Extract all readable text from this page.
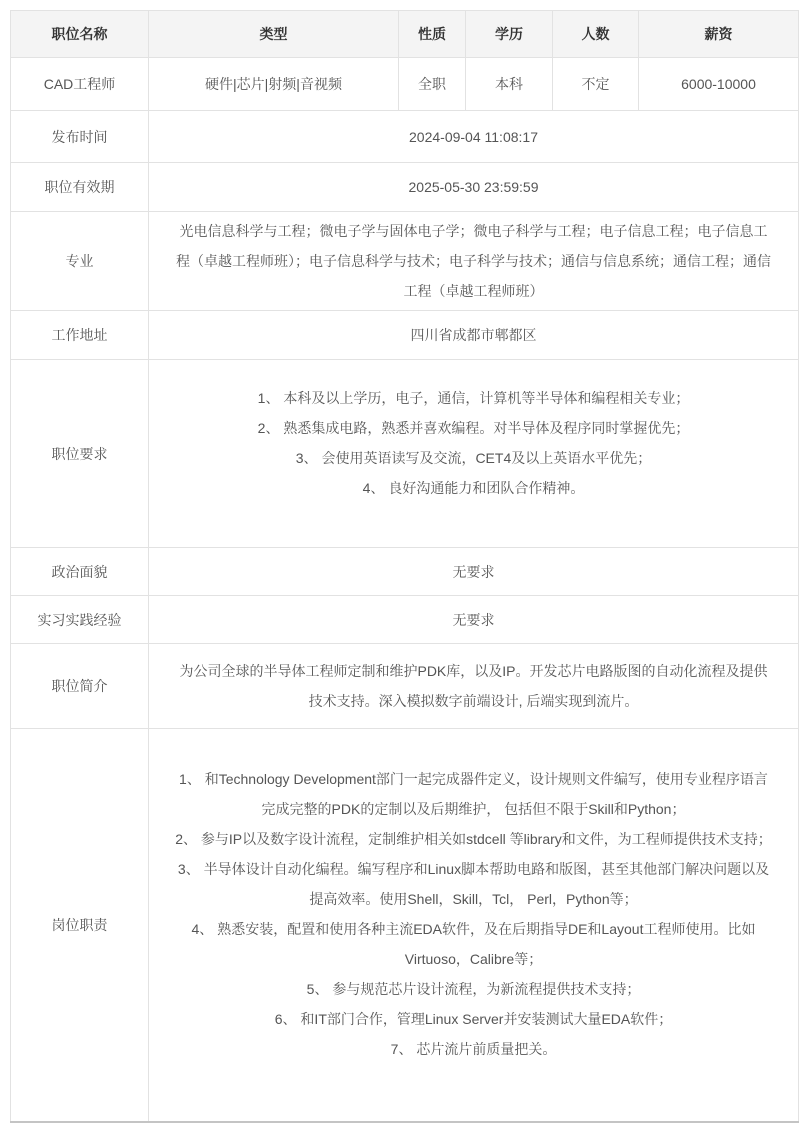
职位名称	类型	性质	学历	人数	薪资
CAD工程师	硬件|芯片|射频|音视频	全职	本科	不定	6000-10000
发布时间	2024-09-04 11:08:17				
职位有效期	2025-05-30 23:59:59				
专业	光电信息科学与工程；微电子学与固体电子学；微电子科学与工程；电子信息工程；电子信息工程（卓越工程师班）；电子信息科学与技术；电子科学与技术；通信与信息系统；通信工程；通信工程（卓越工程师班）				
工作地址	四川省成都市郫都区				
职位要求	1、 本科及以上学历，电子，通信，计算机等半导体和编程相关专业；
2、 熟悉集成电路，熟悉并喜欢编程。对半导体及程序同时掌握优先；
3、 会使用英语读写及交流，CET4及以上英语水平优先；
4、 良好沟通能力和团队合作精神。				

政治面貌	无要求				
实习实践经验	无要求				
职位简介	为公司全球的半导体工程师定制和维护PDK库，以及IP。开发芯片电路版图的自动化流程及提供技术支持。深入模拟数字前端设计, 后端实现到流片。				
岗位职责	
1、 和Technology Development部门一起完成器件定义，设计规则文件编写，使用专业程序语言完成完整的PDK的定制以及后期维护， 包括但不限于Skill和Python；
2、 参与IP以及数字设计流程，定制维护相关如stdcell 等library和文件，为工程师提供技术支持；
3、 半导体设计自动化编程。编写程序和Linux脚本帮助电路和版图，甚至其他部门解决问题以及提高效率。使用Shell，Skill，Tcl， Perl，Python等；
4、 熟悉安装，配置和使用各种主流EDA软件，及在后期指导DE和Layout工程师使用。比如Virtuoso，Calibre等；
5、 参与规范芯片设计流程，为新流程提供技术支持；
6、 和IT部门合作，管理Linux Server并安装测试大量EDA软件；
7、 芯片流片前质量把关。
